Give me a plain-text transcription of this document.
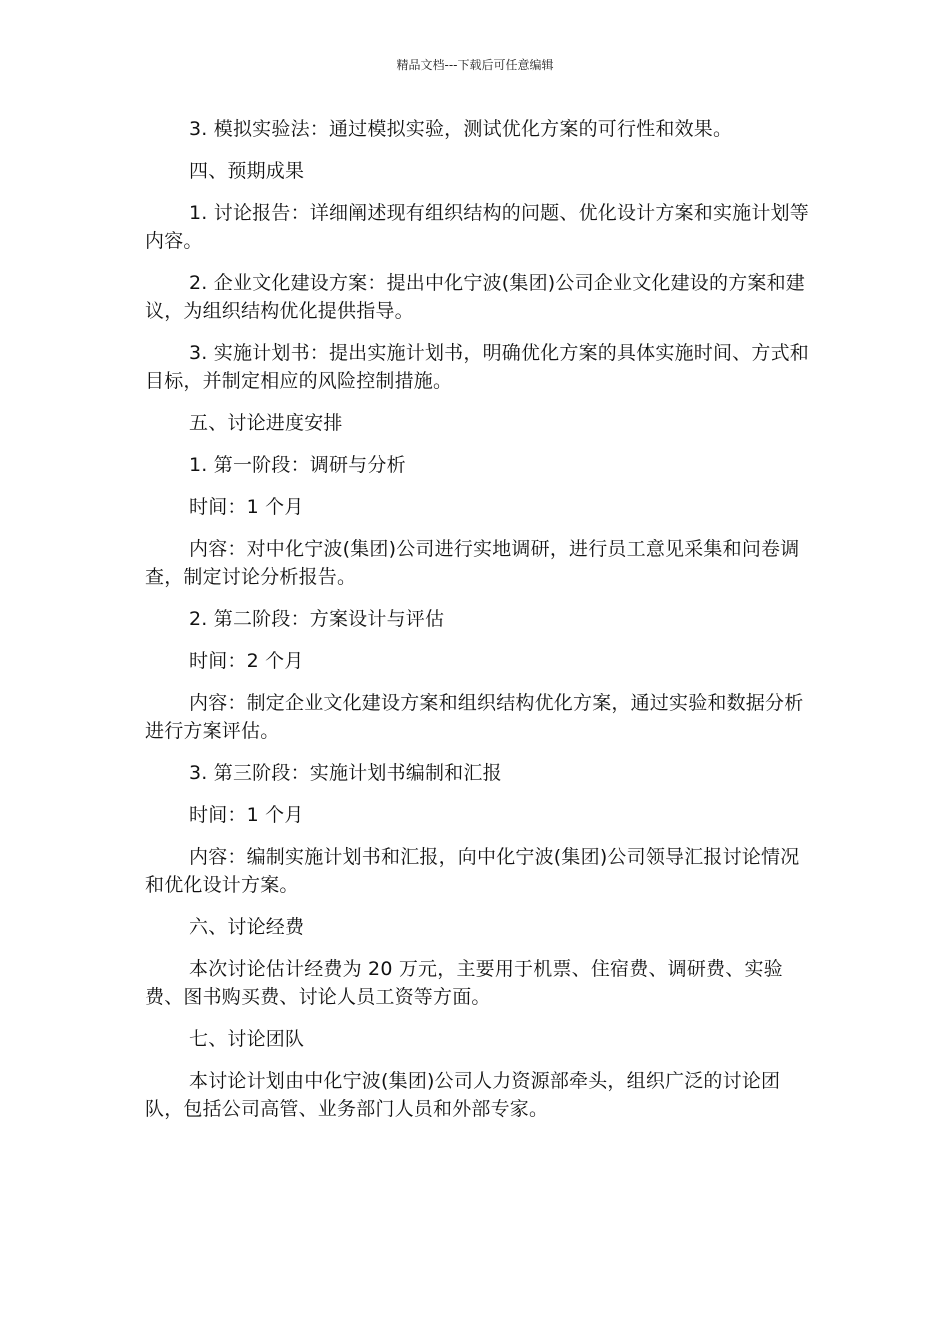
精品文档---下载后可任意编辑

3. 模拟实验法：通过模拟实验，测试优化方案的可行性和效果。

四、预期成果

1. 讨论报告：详细阐述现有组织结构的问题、优化设计方案和实施计划等内容。

2. 企业文化建设方案：提出中化宁波(集团)公司企业文化建设的方案和建议，为组织结构优化提供指导。

3. 实施计划书：提出实施计划书，明确优化方案的具体实施时间、方式和目标，并制定相应的风险控制措施。

五、讨论进度安排

1. 第一阶段：调研与分析

时间：1 个月

内容：对中化宁波(集团)公司进行实地调研，进行员工意见采集和问卷调查，制定讨论分析报告。

2. 第二阶段：方案设计与评估

时间：2 个月

内容：制定企业文化建设方案和组织结构优化方案，通过实验和数据分析进行方案评估。

3. 第三阶段：实施计划书编制和汇报

时间：1 个月

内容：编制实施计划书和汇报，向中化宁波(集团)公司领导汇报讨论情况和优化设计方案。

六、讨论经费

本次讨论估计经费为 20 万元，主要用于机票、住宿费、调研费、实验费、图书购买费、讨论人员工资等方面。

七、讨论团队

本讨论计划由中化宁波(集团)公司人力资源部牵头，组织广泛的讨论团队，包括公司高管、业务部门人员和外部专家。
